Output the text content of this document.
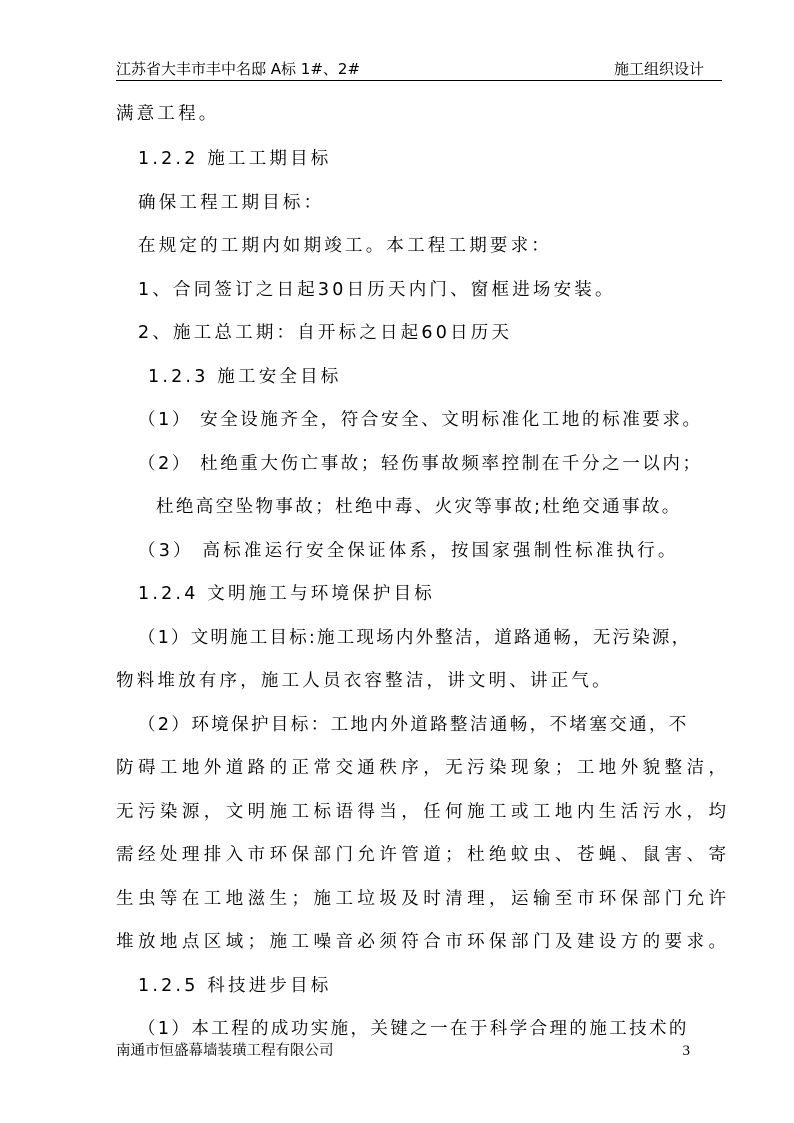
江苏省大丰市丰中名邸 A标 1#、2#	施工组织设计
满意工程。
1.2.2 施工工期目标
确保工程工期目标：
在规定的工期内如期竣工。本工程工期要求：
1、合同签订之日起30日历天内门、窗框进场安装。
2、施工总工期：自开标之日起60日历天
1.2.3 施工安全目标
（1） 安全设施齐全，符合安全、文明标准化工地的标准要求。
（2） 杜绝重大伤亡事故；轻伤事故频率控制在千分之一以内；
杜绝高空坠物事故；杜绝中毒、火灾等事故;杜绝交通事故。
（3） 高标准运行安全保证体系，按国家强制性标准执行。
1.2.4 文明施工与环境保护目标
（1）文明施工目标:施工现场内外整洁，道路通畅，无污染源，
物料堆放有序，施工人员衣容整洁，讲文明、讲正气。
（2）环境保护目标：工地内外道路整洁通畅，不堵塞交通，不
防碍工地外道路的正常交通秩序，无污染现象；工地外貌整洁，
无污染源，文明施工标语得当，任何施工或工地内生活污水，均
需经处理排入市环保部门允许管道；杜绝蚊虫、苍蝇、鼠害、寄
生虫等在工地滋生；施工垃圾及时清理，运输至市环保部门允许
堆放地点区域；施工噪音必须符合市环保部门及建设方的要求。
1.2.5 科技进步目标
（1）本工程的成功实施，关键之一在于科学合理的施工技术的
南通市恒盛幕墙装璜工程有限公司	3
